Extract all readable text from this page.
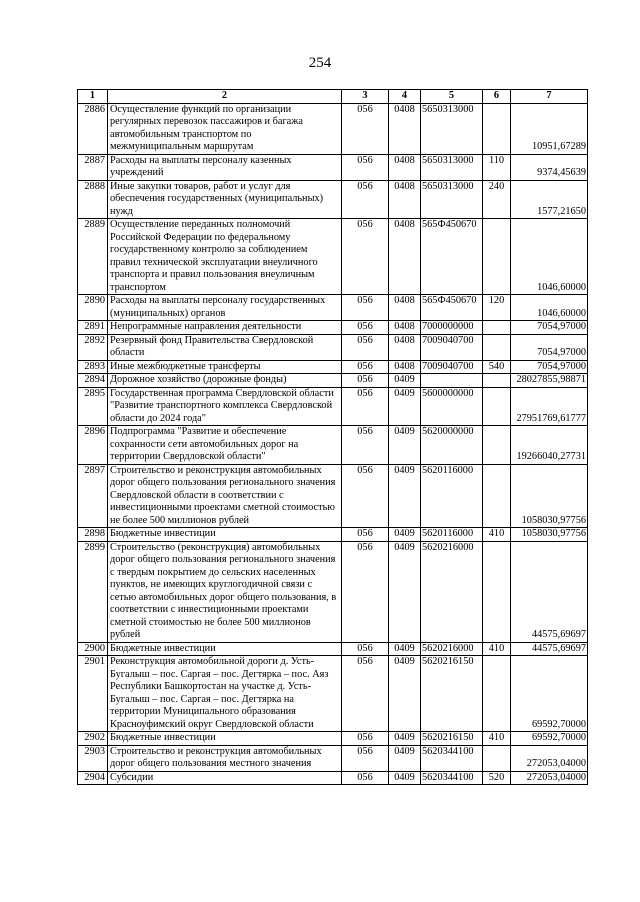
254
1	2	3	4	5	6	7
2886	Осуществление функций по организации регулярных перевозок пассажиров и багажа автомобильным транспортом по межмуниципальным маршрутам	056	0408	5650313000		10951,67289
2887	Расходы на выплаты персоналу казенных учреждений	056	0408	5650313000	110	9374,45639
2888	Иные закупки товаров, работ и услуг для обеспечения государственных (муниципальных) нужд	056	0408	5650313000	240	1577,21650
2889	Осуществление переданных полномочий Российской Федерации по федеральному государственному контролю за соблюдением правил технической эксплуатации внеуличного транспорта и правил пользования внеуличным транспортом	056	0408	565Ф450670		1046,60000
2890	Расходы на выплаты персоналу государственных (муниципальных) органов	056	0408	565Ф450670	120	1046,60000
2891	Непрограммные направления деятельности	056	0408	7000000000		7054,97000
2892	Резервный фонд Правительства Свердловской области	056	0408	7009040700		7054,97000
2893	Иные межбюджетные трансферты	056	0408	7009040700	540	7054,97000
2894	Дорожное хозяйство (дорожные фонды)	056	0409			28027855,98871
2895	Государственная программа Свердловской области "Развитие транспортного комплекса Свердловской области до 2024 года"	056	0409	5600000000		27951769,61777
2896	Подпрограмма "Развитие и обеспечение сохранности сети автомобильных дорог на территории Свердловской области"	056	0409	5620000000		19266040,27731
2897	Строительство и реконструкция автомобильных дорог общего пользования регионального значения Свердловской области в соответствии с инвестиционными проектами сметной стоимостью не более 500 миллионов рублей	056	0409	5620116000		1058030,97756
2898	Бюджетные инвестиции	056	0409	5620116000	410	1058030,97756
2899	Строительство (реконструкция) автомобильных дорог общего пользования регионального значения с твердым покрытием до сельских населенных пунктов, не имеющих круглогодичной связи с сетью автомобильных дорог общего пользования, в соответствии с инвестиционными проектами сметной стоимостью не более 500 миллионов рублей	056	0409	5620216000		44575,69697
2900	Бюджетные инвестиции	056	0409	5620216000	410	44575,69697
2901	Реконструкция автомобильной дороги д. Усть-Бугалыш – пос. Саргая – пос. Дегтярка – пос. Аяз Республики Башкортостан на участке д. Усть-Бугалыш – пос. Саргая – пос. Дегтярка на территории Муниципального образования Красноуфимский округ Свердловской области	056	0409	5620216150		69592,70000
2902	Бюджетные инвестиции	056	0409	5620216150	410	69592,70000
2903	Строительство и реконструкция автомобильных дорог общего пользования местного значения	056	0409	5620344100		272053,04000
2904	Субсидии	056	0409	5620344100	520	272053,04000
